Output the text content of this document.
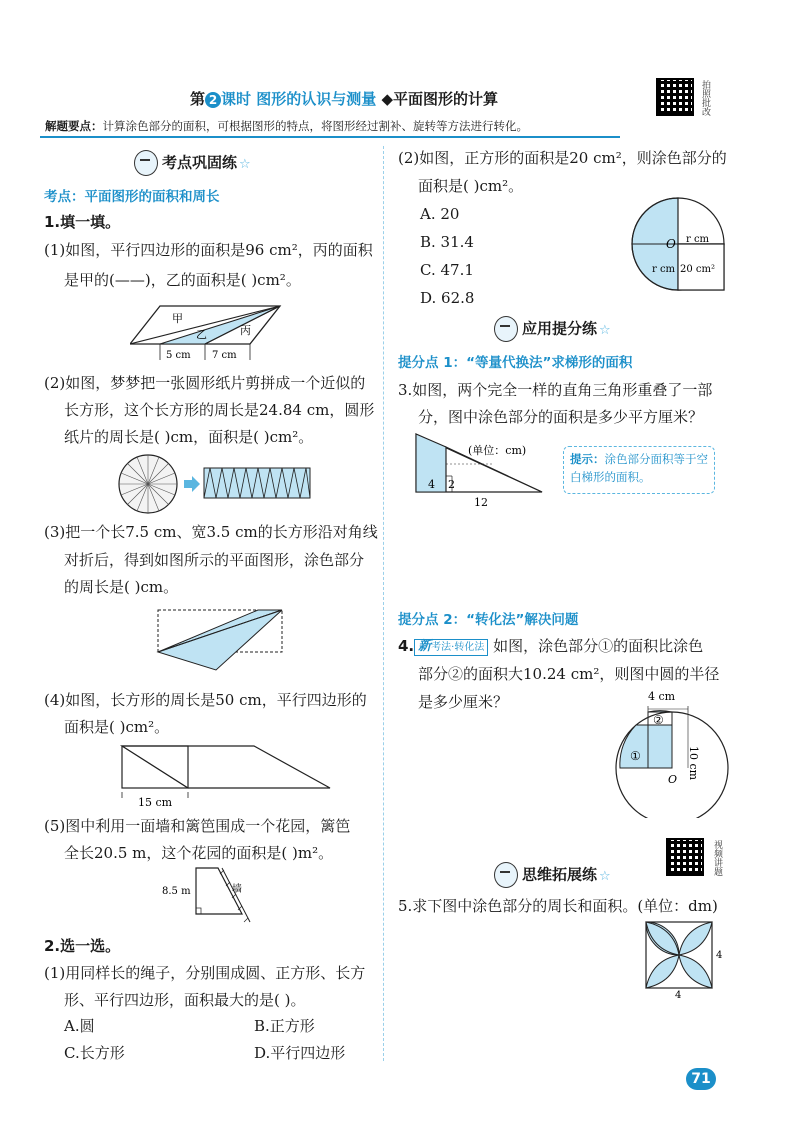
第 2 课时 图形的认识与测量 ◆平面图形的计算	拍照批改
解题要点：计算涂色部分的面积，可根据图形的特点，将图形经过割补、旋转等方法进行转化。
考点巩固练 ☆
考点：平面图形的面积和周长
1.填一填。
(1)如图，平行四边形的面积是96 cm²，丙的面积
是甲的(——)，乙的面积是( )cm²。
甲
乙	丙
5 cm 7 cm
(2)如图，梦梦把一张圆形纸片剪拼成一个近似的
长方形，这个长方形的周长是24.84 cm，圆形
纸片的周长是( )cm，面积是( )cm²。
(3)把一个长7.5 cm、宽3.5 cm的长方形沿对角线
对折后，得到如图所示的平面图形，涂色部分
的周长是( )cm。
(4)如图，长方形的周长是50 cm，平行四边形的
面积是( )cm²。
15 cm
(5)图中利用一面墙和篱笆围成一个花园，篱笆
全长20.5 m，这个花园的面积是( )m²。
8.5 m	墙
2.选一选。
(1)用同样长的绳子，分别围成圆、正方形、长方
形、平行四边形，面积最大的是( )。
A.圆	B.正方形
C.长方形	D.平行四边形
(2)如图，正方形的面积是20 cm²，则涂色部分的
面积是( )cm²。
A. 20
B. 31.4
C. 47.1
D. 62.8
O r cm
r cm 20 cm²
应用提分练 ☆
提分点 1：“等量代换法”求梯形的面积
3.如图，两个完全一样的直角三角形重叠了一部
分，图中涂色部分的面积是多少平方厘米？
(单位：cm)
4 2
12
提示：涂色部分面积等于空白梯形的面积。
提分点 2：“转化法”解决问题
4. 新考法·转化法 如图，涂色部分①的面积比涂色
部分②的面积大10.24 cm²，则图中圆的半径
是多少厘米？	4 cm
10 cm
①
②
O
思维拓展练 ☆	视频讲题
5.求下图中涂色部分的周长和面积。(单位：dm)
4
4
71
